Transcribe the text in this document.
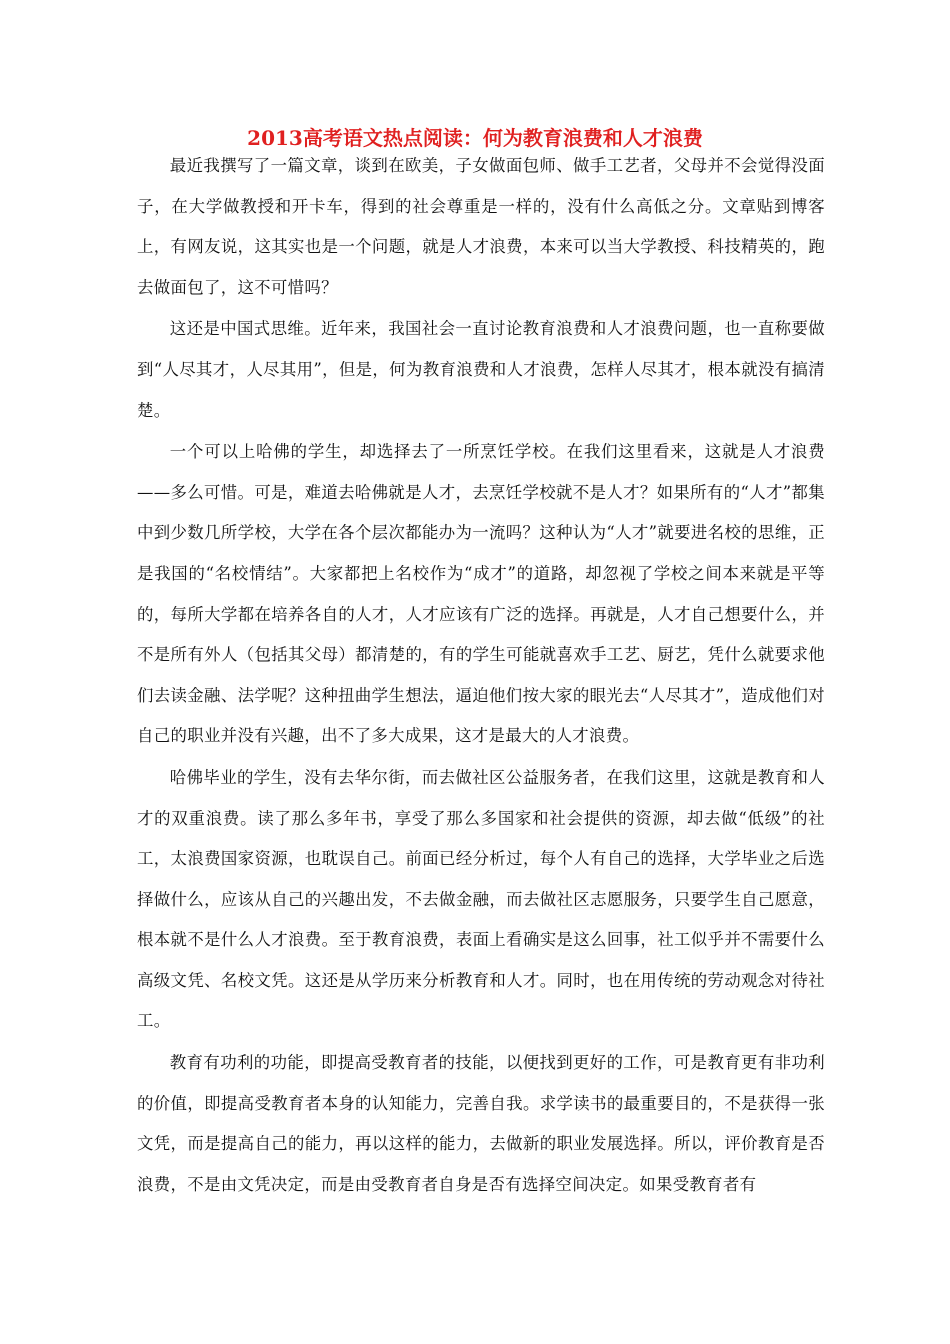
2013高考语文热点阅读：何为教育浪费和人才浪费

最近我撰写了一篇文章，谈到在欧美，子女做面包师、做手工艺者，父母并不会觉得没面子，在大学做教授和开卡车，得到的社会尊重是一样的，没有什么高低之分。文章贴到博客上，有网友说，这其实也是一个问题，就是人才浪费，本来可以当大学教授、科技精英的，跑去做面包了，这不可惜吗？

这还是中国式思维。近年来，我国社会一直讨论教育浪费和人才浪费问题，也一直称要做到“人尽其才，人尽其用”，但是，何为教育浪费和人才浪费，怎样人尽其才，根本就没有搞清楚。

一个可以上哈佛的学生，却选择去了一所烹饪学校。在我们这里看来，这就是人才浪费——多么可惜。可是，难道去哈佛就是人才，去烹饪学校就不是人才？如果所有的“人才”都集中到少数几所学校，大学在各个层次都能办为一流吗？这种认为“人才”就要进名校的思维，正是我国的“名校情结”。大家都把上名校作为“成才”的道路，却忽视了学校之间本来就是平等的，每所大学都在培养各自的人才，人才应该有广泛的选择。再就是，人才自己想要什么，并不是所有外人（包括其父母）都清楚的，有的学生可能就喜欢手工艺、厨艺，凭什么就要求他们去读金融、法学呢？这种扭曲学生想法，逼迫他们按大家的眼光去“人尽其才”，造成他们对自己的职业并没有兴趣，出不了多大成果，这才是最大的人才浪费。

哈佛毕业的学生，没有去华尔街，而去做社区公益服务者，在我们这里，这就是教育和人才的双重浪费。读了那么多年书，享受了那么多国家和社会提供的资源，却去做“低级”的社工，太浪费国家资源，也耽误自己。前面已经分析过，每个人有自己的选择，大学毕业之后选择做什么，应该从自己的兴趣出发，不去做金融，而去做社区志愿服务，只要学生自己愿意，根本就不是什么人才浪费。至于教育浪费，表面上看确实是这么回事，社工似乎并不需要什么高级文凭、名校文凭。这还是从学历来分析教育和人才。同时，也在用传统的劳动观念对待社工。

教育有功利的功能，即提高受教育者的技能，以便找到更好的工作，可是教育更有非功利的价值，即提高受教育者本身的认知能力，完善自我。求学读书的最重要目的，不是获得一张文凭，而是提高自己的能力，再以这样的能力，去做新的职业发展选择。所以，评价教育是否浪费，不是由文凭决定，而是由受教育者自身是否有选择空间决定。如果受教育者有
